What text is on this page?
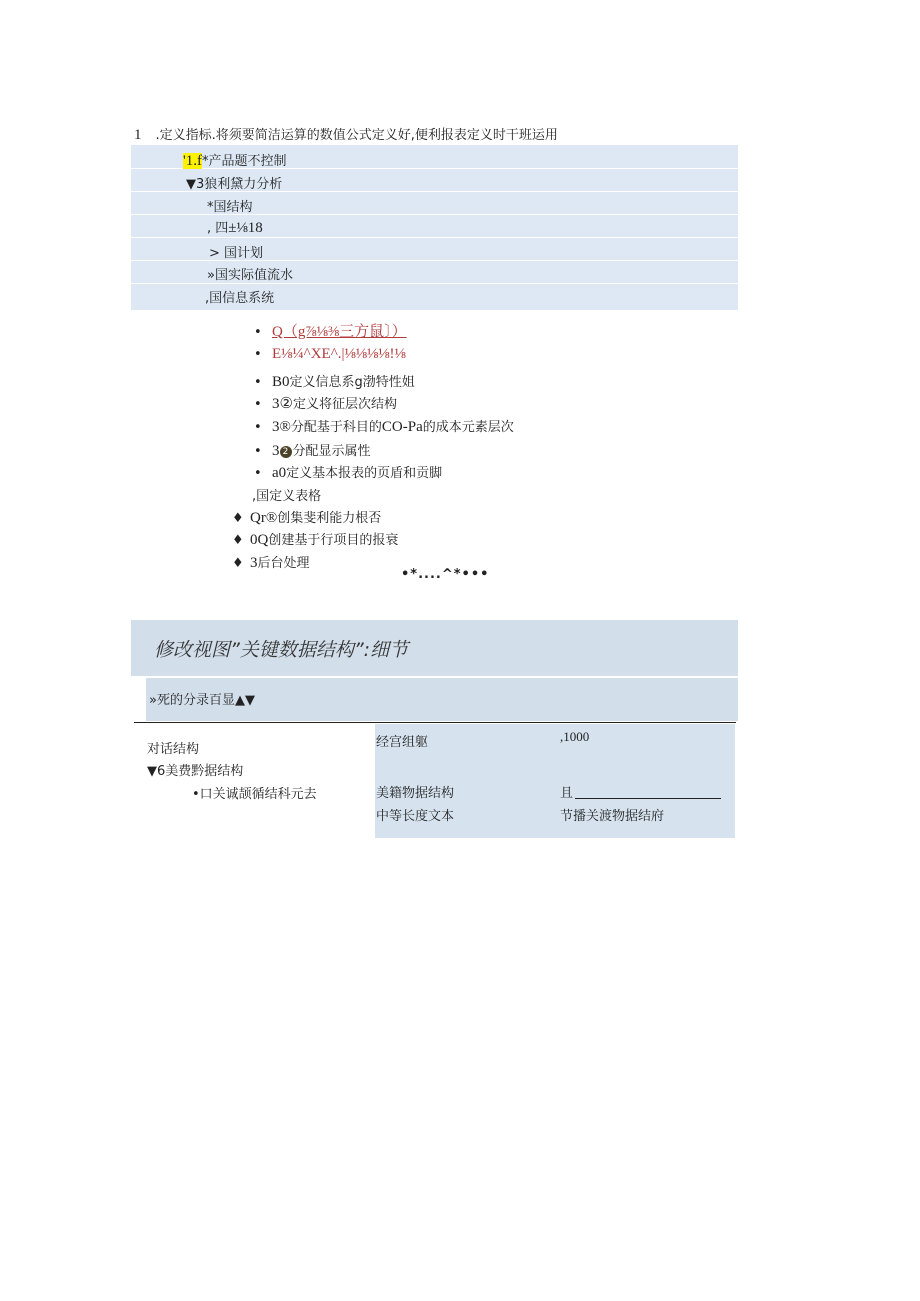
1 .定义指标.将须要简洁运算的数值公式定义好,便利报表定义时干班运用
'1.f*产品题不控制
▼3狼利黛力分析
*国结构
, 四±⅛18
> 国计划
»国实际值流水
,国信息系统
• Q（g⅞⅛⅜三方鼠〕）
• E⅛¼^XE^.|⅛⅛⅛⅛!⅛
• B0定义信息系g渤特性姐
• 3②定义将征层次结构
• 3®分配基于科目的CO-Pa的成本元素层次
• 3 2 分配显示属性
• a0定义基本报表的页盾和贡脚
,国定义表格
♦ Qr®创集斐利能力根否
♦ 0Q创建基于行项目的报衰
♦ 3后台处理
•*....^*•••
修改视图”关键数据结构”:细节
»死的分录百显▲▼
对话结构
▼6美费黔据结构
•口关诚颉循结科元去
经宫组躯	,1000
美籍物据结构	且
中等长度文本	节播关渡物据结府
